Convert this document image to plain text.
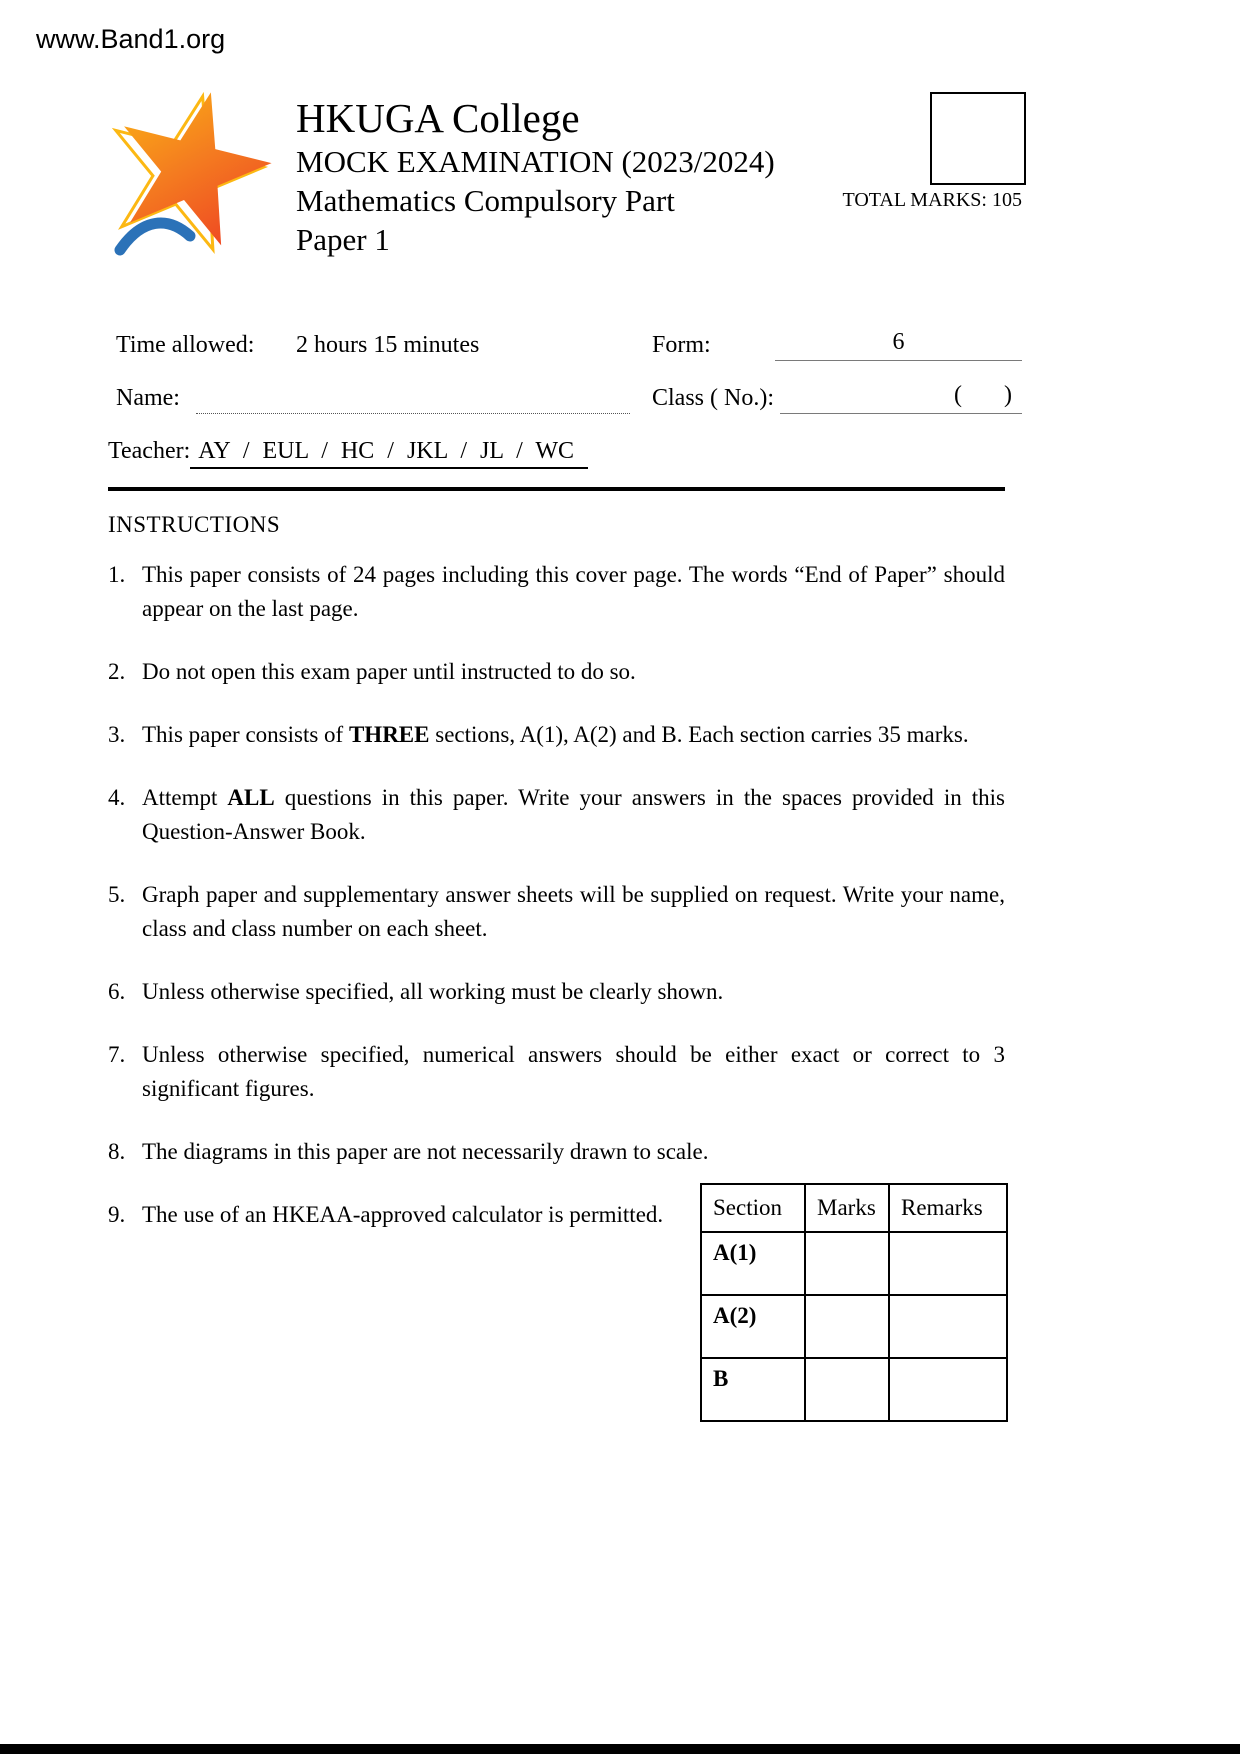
www.Band1.org
HKUGA College
MOCK EXAMINATION (2023/2024)
Mathematics Compulsory Part
Paper 1
TOTAL MARKS: 105
Time allowed: 2 hours 15 minutes	Form:	6
Name:	Class ( No.):	(       )
Teacher: AY / EUL / HC / JKL / JL / WC
INSTRUCTIONS
1. This paper consists of 24 pages including this cover page. The words “End of Paper” should appear on the last page.
2. Do not open this exam paper until instructed to do so.
3. This paper consists of THREE sections, A(1), A(2) and B. Each section carries 35 marks.
4. Attempt ALL questions in this paper. Write your answers in the spaces provided in this Question-Answer Book.
5. Graph paper and supplementary answer sheets will be supplied on request. Write your name, class and class number on each sheet.
6. Unless otherwise specified, all working must be clearly shown.
7. Unless otherwise specified, numerical answers should be either exact or correct to 3 significant figures.
8. The diagrams in this paper are not necessarily drawn to scale.
9. The use of an HKEAA-approved calculator is permitted.	Section	Marks	Remarks
A(1)		
A(2)		
B		
